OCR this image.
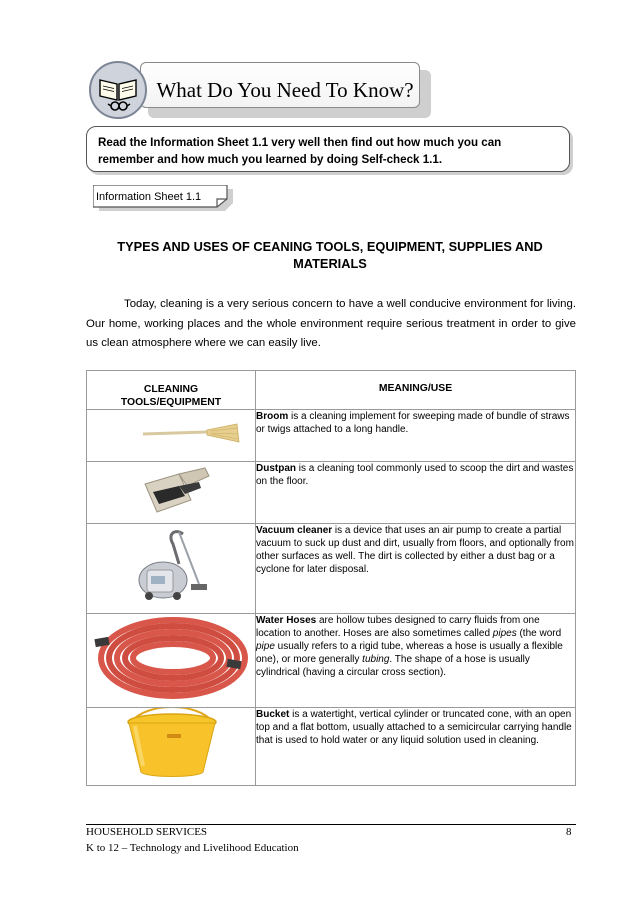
What Do You Need To Know?
Read the Information Sheet 1.1 very well then find out how much you can
remember and how much you learned by doing Self-check 1.1.
Information Sheet 1.1
TYPES AND USES OF CEANING TOOLS, EQUIPMENT, SUPPLIES AND
MATERIALS
Today, cleaning is a very serious concern to have a well conducive environment for living. Our home, working places and the whole environment require serious treatment in order to give us clean atmosphere where we can easily live.
CLEANING
TOOLS/EQUIPMENT	MEANING/USE
	Broom is a cleaning implement for sweeping made of bundle of straws or twigs attached to a long handle.
	Dustpan is a cleaning tool commonly used to scoop the dirt and wastes on the floor.
	Vacuum cleaner is a device that uses an air pump to create a partial vacuum to suck up dust and dirt, usually from floors, and optionally from other surfaces as well. The dirt is collected by either a dust bag or a cyclone for later disposal.
	Water Hoses are hollow tubes designed to carry fluids from one location to another. Hoses are also sometimes called pipes (the word pipe usually refers to a rigid tube, whereas a hose is usually a flexible one), or more generally tubing. The shape of a hose is usually cylindrical (having a circular cross section).
	Bucket is a watertight, vertical cylinder or truncated cone, with an open top and a flat bottom, usually attached to a semicircular carrying handle that is used to hold water or any liquid solution used in cleaning.
HOUSEHOLD SERVICES	8
K to 12 – Technology and Livelihood Education
